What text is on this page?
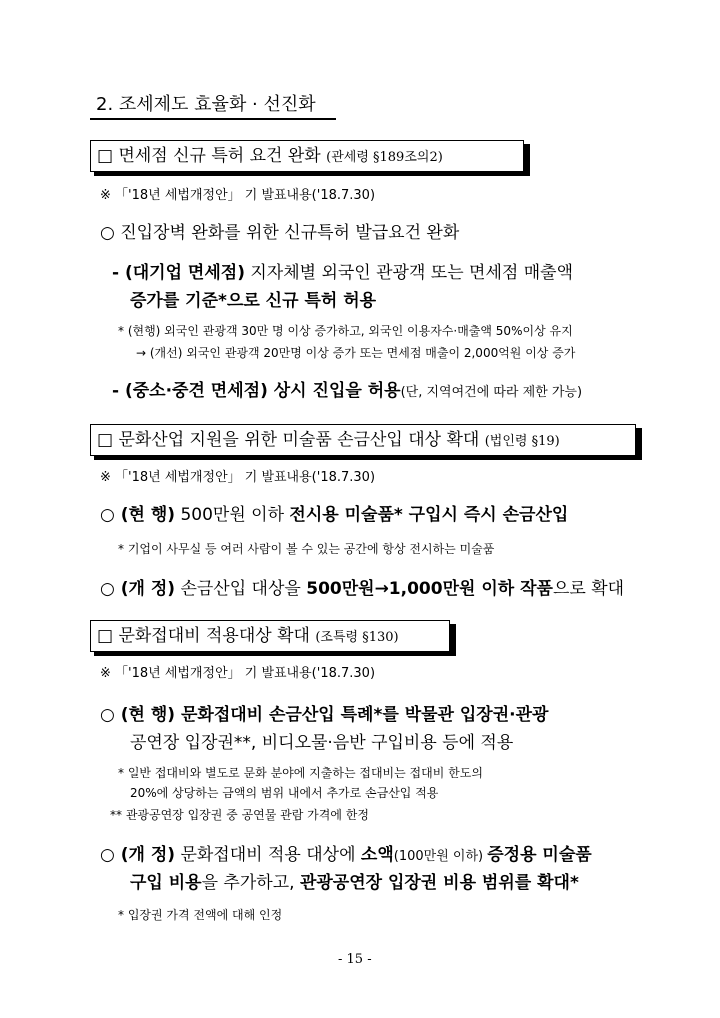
2. 조세제도 효율화 · 선진화
□ 면세점 신규 특허 요건 완화 (관세령 §189조의2)
※ 「'18년 세법개정안」 기 발표내용('18.7.30)
○ 진입장벽 완화를 위한 신규특허 발급요건 완화
- (대기업 면세점) 지자체별 외국인 관광객 또는 면세점 매출액
증가를 기준*으로 신규 특허 허용
* (현행) 외국인 관광객 30만 명 이상 증가하고, 외국인 이용자수·매출액 50%이상 유지
→ (개선) 외국인 관광객 20만명 이상 증가 또는 면세점 매출이 2,000억원 이상 증가
- (중소·중견 면세점) 상시 진입을 허용(단, 지역여건에 따라 제한 가능)
□ 문화산업 지원을 위한 미술품 손금산입 대상 확대 (법인령 §19)
※ 「'18년 세법개정안」 기 발표내용('18.7.30)
○ (현 행) 500만원 이하 전시용 미술품* 구입시 즉시 손금산입
* 기업이 사무실 등 여러 사람이 볼 수 있는 공간에 항상 전시하는 미술품
○ (개 정) 손금산입 대상을 500만원→1,000만원 이하 작품으로 확대
□ 문화접대비 적용대상 확대 (조특령 §130)
※ 「'18년 세법개정안」 기 발표내용('18.7.30)
○ (현 행) 문화접대비 손금산입 특례*를 박물관 입장권·관광
공연장 입장권**, 비디오물·음반 구입비용 등에 적용
* 일반 접대비와 별도로 문화 분야에 지출하는 접대비는 접대비 한도의
20%에 상당하는 금액의 범위 내에서 추가로 손금산입 적용
** 관광공연장 입장권 중 공연물 관람 가격에 한정
○ (개 정) 문화접대비 적용 대상에 소액(100만원 이하) 증정용 미술품
구입 비용을 추가하고, 관광공연장 입장권 비용 범위를 확대*
* 입장권 가격 전액에 대해 인정
- 15 -
